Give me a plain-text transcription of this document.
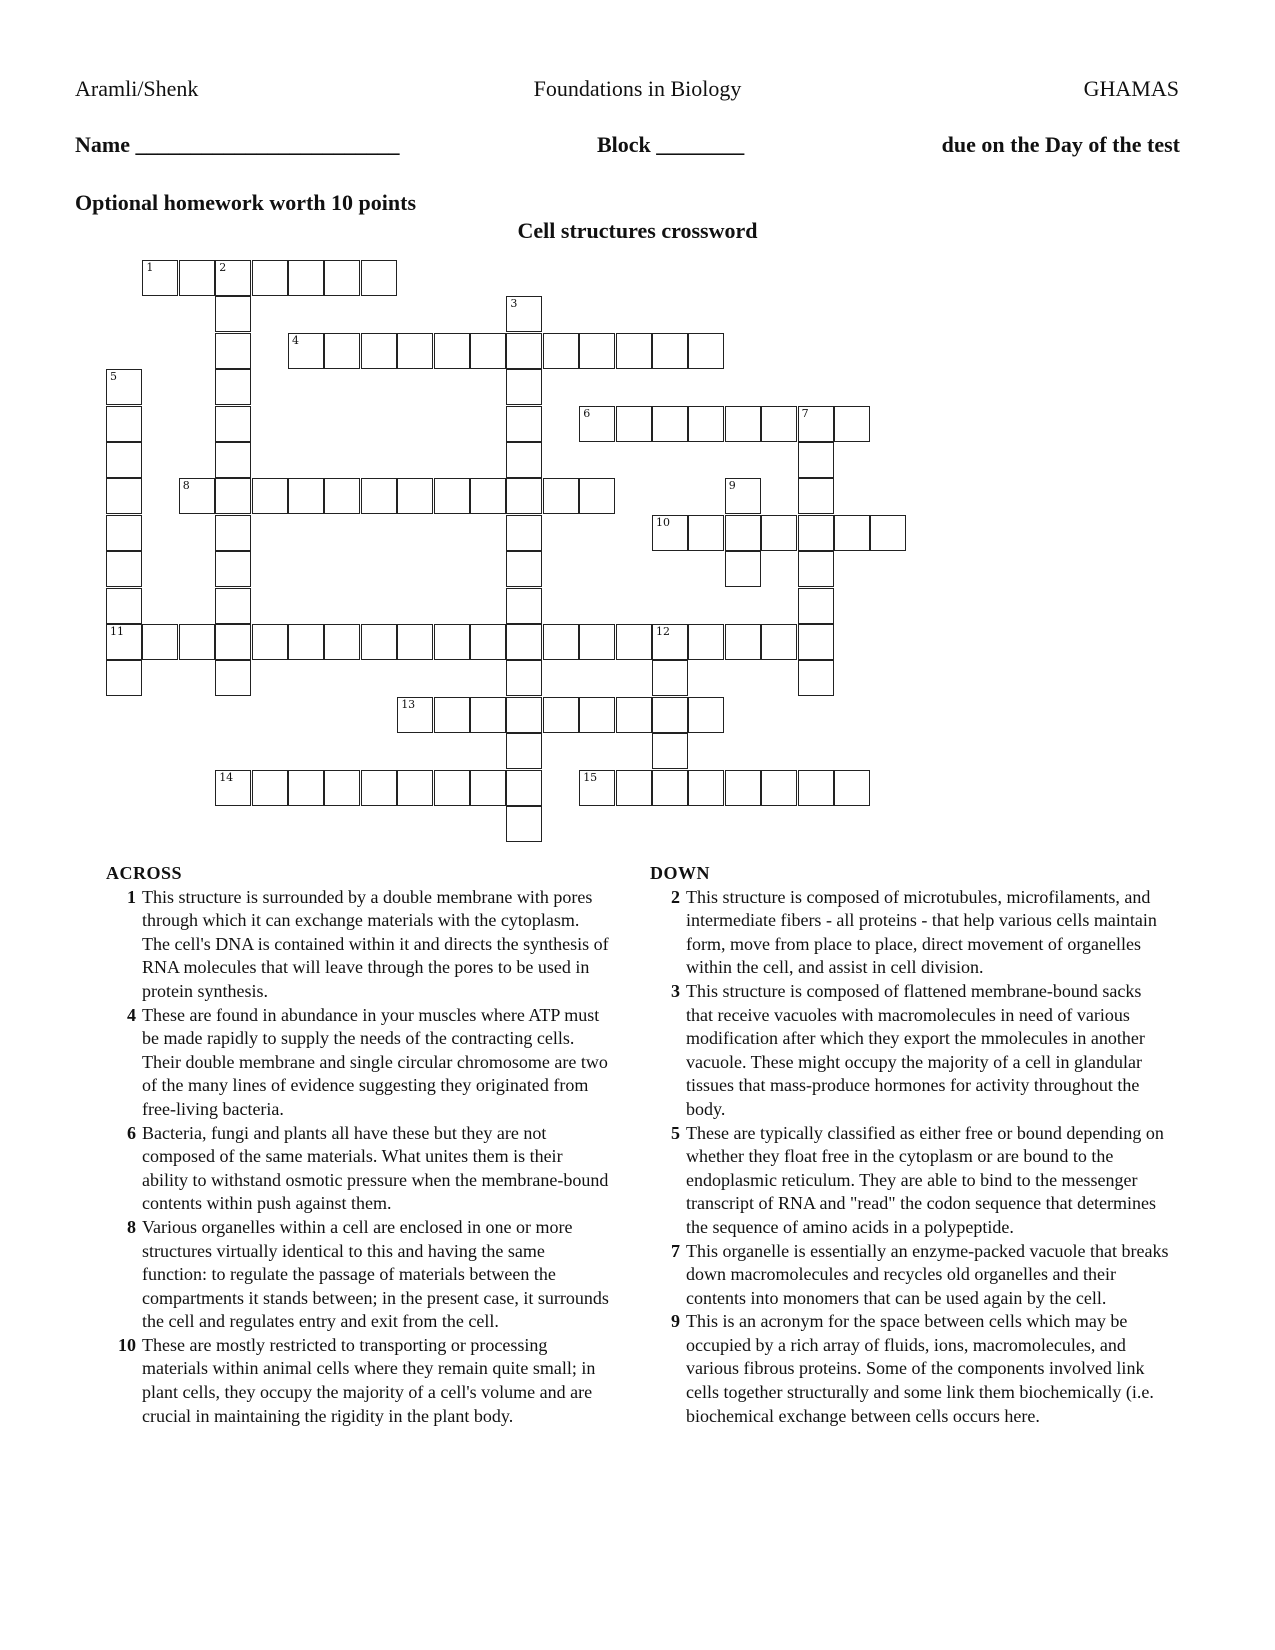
Aramli/Shenk	Foundations in Biology	GHAMAS
Name ________________________	Block ________	due on the Day of the test
Optional homework worth 10 points
Cell structures crossword
1	2
3
4
5
11
6	7
8	9
10
12
13
14	15
ACROSS
1 This structure is surrounded by a double membrane with pores through which it can exchange materials with the cytoplasm. The cell's DNA is contained within it and directs the synthesis of RNA molecules that will leave through the pores to be used in protein synthesis.
4 These are found in abundance in your muscles where ATP must be made rapidly to supply the needs of the contracting cells. Their double membrane and single circular chromosome are two of the many lines of evidence suggesting they originated from free-living bacteria.
6 Bacteria, fungi and plants all have these but they are not composed of the same materials. What unites them is their ability to withstand osmotic pressure when the membrane-bound contents within push against them.
8 Various organelles within a cell are enclosed in one or more structures virtually identical to this and having the same function: to regulate the passage of materials between the compartments it stands between; in the present case, it surrounds the cell and regulates entry and exit from the cell.
10 These are mostly restricted to transporting or processing materials within animal cells where they remain quite small; in plant cells, they occupy the majority of a cell's volume and are crucial in maintaining the rigidity in the plant body.
DOWN
2 This structure is composed of microtubules, microfilaments, and intermediate fibers - all proteins - that help various cells maintain form, move from place to place, direct movement of organelles within the cell, and assist in cell division.
3 This structure is composed of flattened membrane-bound sacks that receive vacuoles with macromolecules in need of various modification after which they export the mmolecules in another vacuole. These might occupy the majority of a cell in glandular tissues that mass-produce hormones for activity throughout the body.
5 These are typically classified as either free or bound depending on whether they float free in the cytoplasm or are bound to the endoplasmic reticulum. They are able to bind to the messenger transcript of RNA and "read" the codon sequence that determines the sequence of amino acids in a polypeptide.
7 This organelle is essentially an enzyme-packed vacuole that breaks down macromolecules and recycles old organelles and their contents into monomers that can be used again by the cell.
9 This is an acronym for the space between cells which may be occupied by a rich array of fluids, ions, macromolecules, and various fibrous proteins. Some of the components involved link cells together structurally and some link them biochemically (i.e. biochemical exchange between cells occurs here.
